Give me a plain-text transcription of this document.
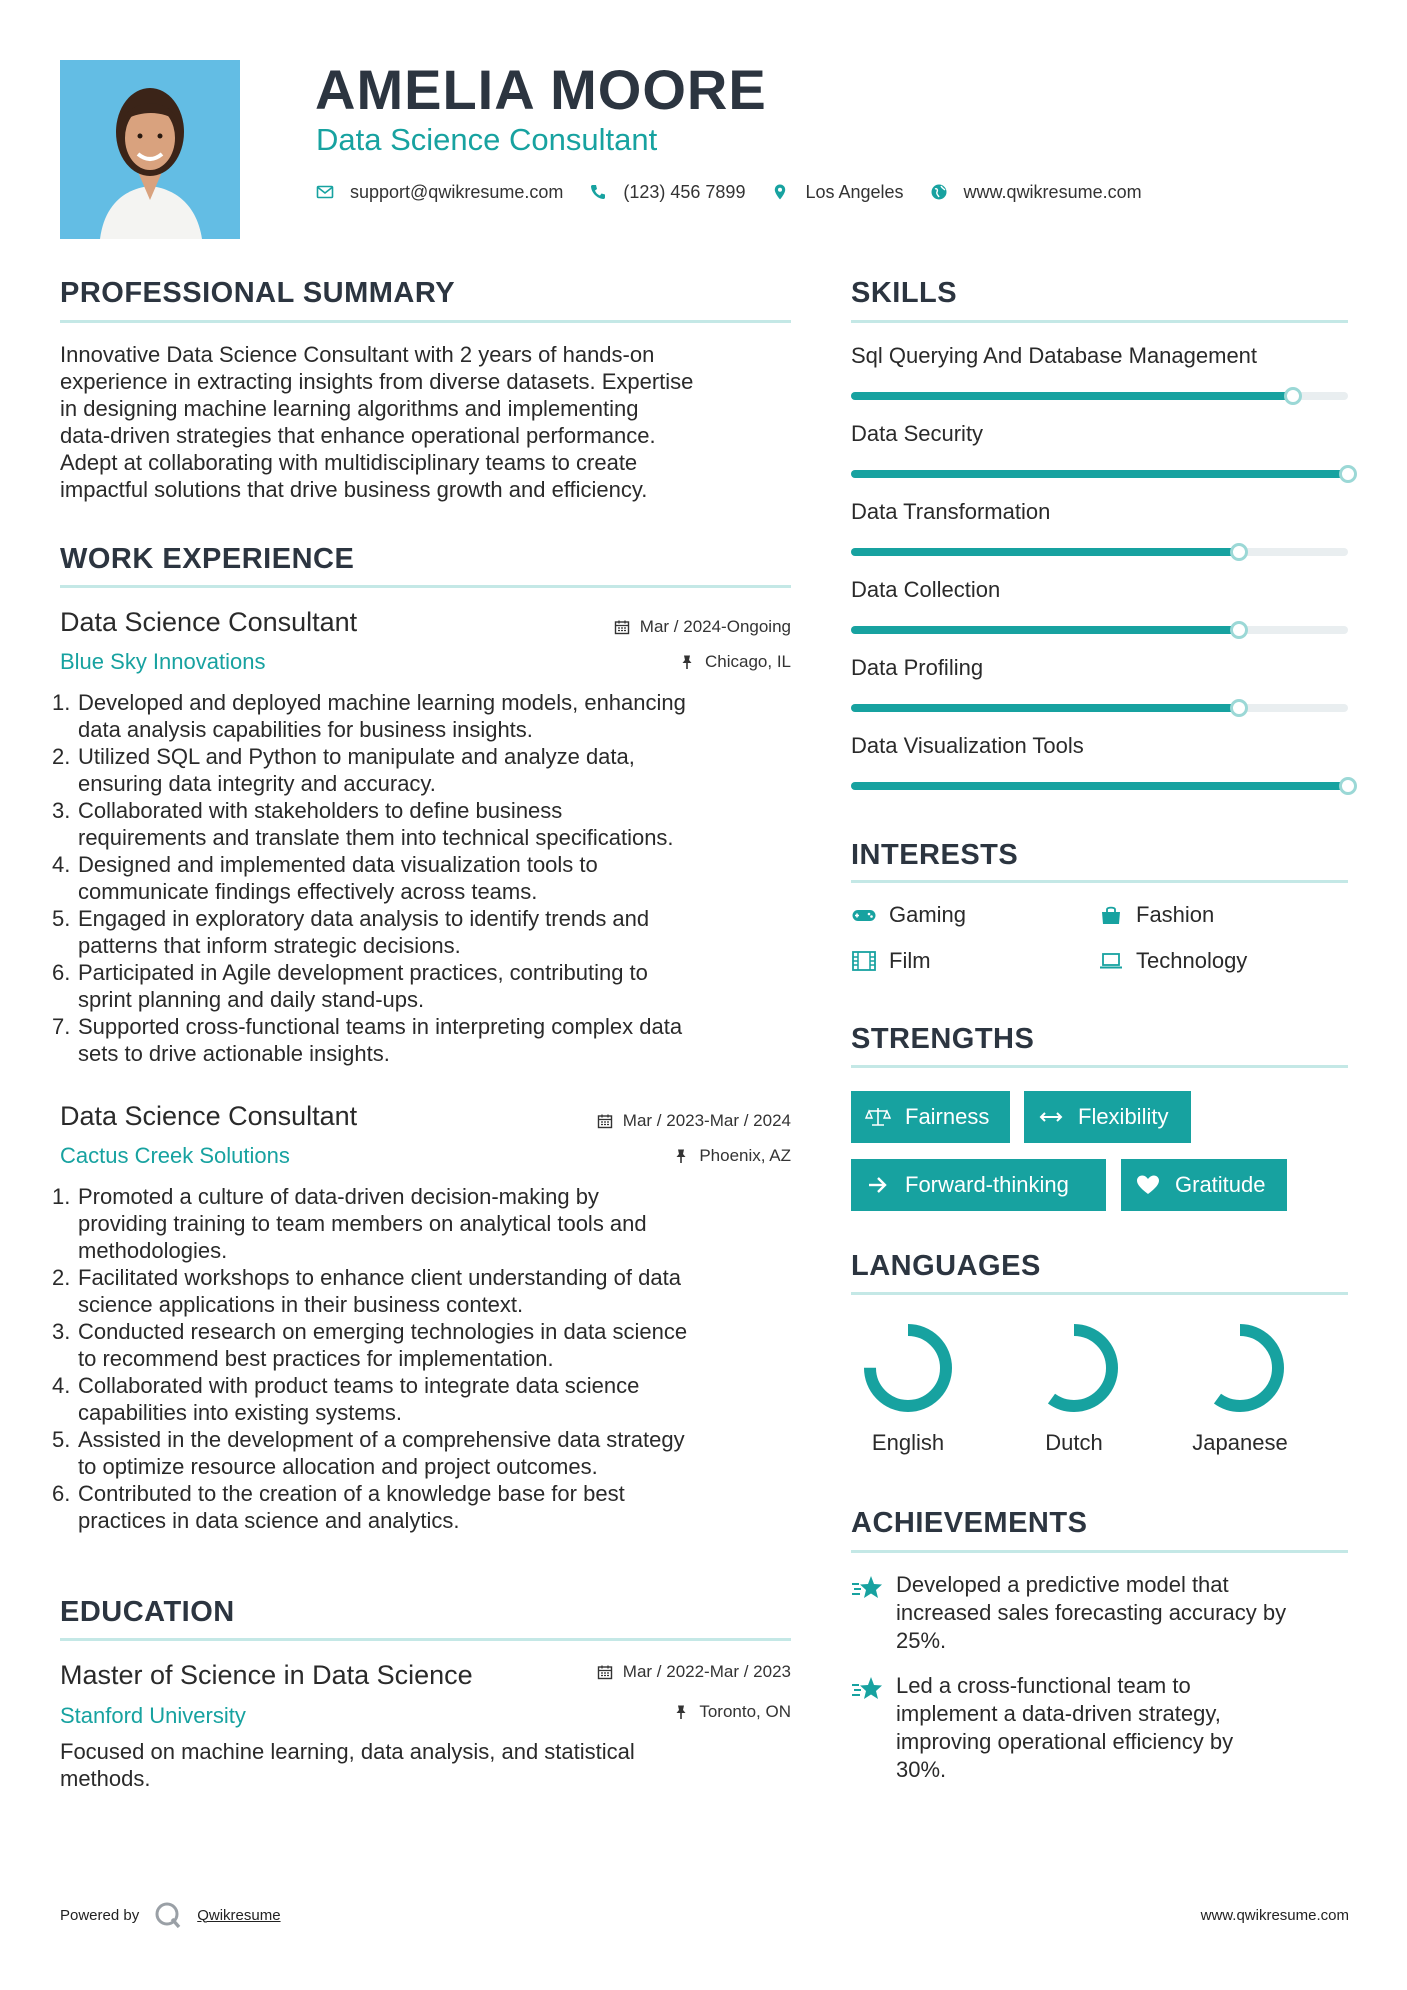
AMELIA MOORE
Data Science Consultant
support@qwikresume.com	(123) 456 7899	Los Angeles	www.qwikresume.com
PROFESSIONAL SUMMARY
Innovative Data Science Consultant with 2 years of hands-on
experience in extracting insights from diverse datasets. Expertise
in designing machine learning algorithms and implementing
data-driven strategies that enhance operational performance.
Adept at collaborating with multidisciplinary teams to create
impactful solutions that drive business growth and efficiency.
WORK EXPERIENCE
Data Science Consultant	Mar / 2024-Ongoing
Blue Sky Innovations	Chicago, IL
1. Developed and deployed machine learning models, enhancing
data analysis capabilities for business insights.
2. Utilized SQL and Python to manipulate and analyze data,
ensuring data integrity and accuracy.
3. Collaborated with stakeholders to define business
requirements and translate them into technical specifications.
4. Designed and implemented data visualization tools to
communicate findings effectively across teams.
5. Engaged in exploratory data analysis to identify trends and
patterns that inform strategic decisions.
6. Participated in Agile development practices, contributing to
sprint planning and daily stand-ups.
7. Supported cross-functional teams in interpreting complex data
sets to drive actionable insights.
Data Science Consultant	Mar / 2023-Mar / 2024
Cactus Creek Solutions	Phoenix, AZ
1. Promoted a culture of data-driven decision-making by
providing training to team members on analytical tools and
methodologies.
2. Facilitated workshops to enhance client understanding of data
science applications in their business context.
3. Conducted research on emerging technologies in data science
to recommend best practices for implementation.
4. Collaborated with product teams to integrate data science
capabilities into existing systems.
5. Assisted in the development of a comprehensive data strategy
to optimize resource allocation and project outcomes.
6. Contributed to the creation of a knowledge base for best
practices in data science and analytics.
EDUCATION
Master of Science in Data Science	Mar / 2022-Mar / 2023
Stanford University	Toronto, ON
Focused on machine learning, data analysis, and statistical
methods.
SKILLS
Sql Querying And Database Management
Data Security
Data Transformation
Data Collection
Data Profiling
Data Visualization Tools
INTERESTS
Gaming	Fashion
Film	Technology
STRENGTHS
Fairness	Flexibility
Forward-thinking	Gratitude
LANGUAGES
English	Dutch	Japanese
ACHIEVEMENTS
Developed a predictive model that
increased sales forecasting accuracy by
25%.
Led a cross-functional team to
implement a data-driven strategy,
improving operational efficiency by
30%.
Powered by	Qwikresume	www.qwikresume.com
